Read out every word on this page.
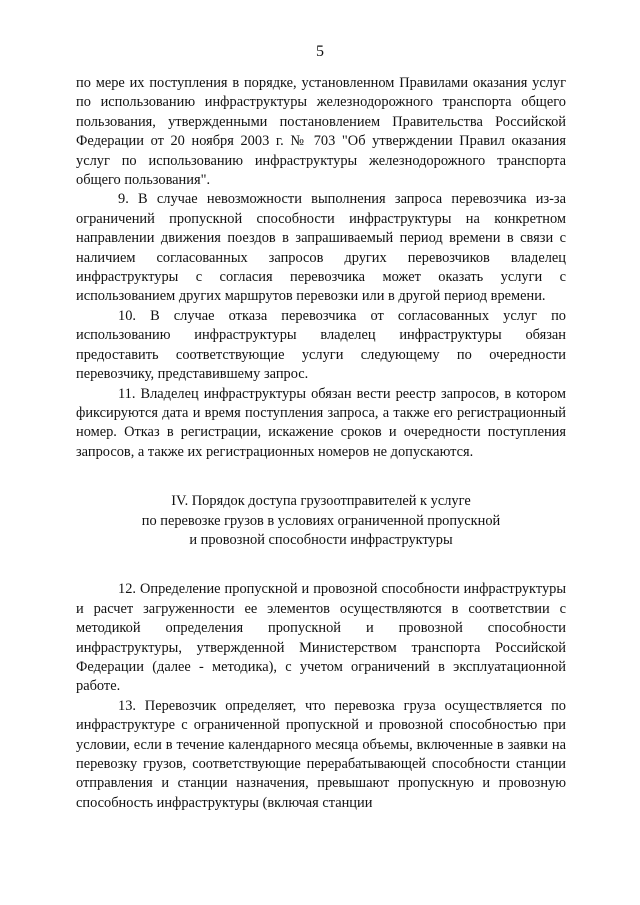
5

по мере их поступления в порядке, установленном Правилами оказания услуг по использованию инфраструктуры железнодорожного транспорта общего пользования, утвержденными постановлением Правительства Российской Федерации от 20 ноября 2003 г. № 703 "Об утверждении Правил оказания услуг по использованию инфраструктуры железнодорожного транспорта общего пользования".

9. В случае невозможности выполнения запроса перевозчика из-за ограничений пропускной способности инфраструктуры на конкретном направлении движения поездов в запрашиваемый период времени в связи с наличием согласованных запросов других перевозчиков владелец инфраструктуры с согласия перевозчика может оказать услуги с использованием других маршрутов перевозки или в другой период времени.

10. В случае отказа перевозчика от согласованных услуг по использованию инфраструктуры владелец инфраструктуры обязан предоставить соответствующие услуги следующему по очередности перевозчику, представившему запрос.

11. Владелец инфраструктуры обязан вести реестр запросов, в котором фиксируются дата и время поступления запроса, а также его регистрационный номер. Отказ в регистрации, искажение сроков и очередности поступления запросов, а также их регистрационных номеров не допускаются.

IV. Порядок доступа грузоотправителей к услуге
по перевозке грузов в условиях ограниченной пропускной
и провозной способности инфраструктуры

12. Определение пропускной и провозной способности инфраструктуры и расчет загруженности ее элементов осуществляются в соответствии с методикой определения пропускной и провозной способности инфраструктуры, утвержденной Министерством транспорта Российской Федерации (далее - методика), с учетом ограничений в эксплуатационной работе.

13. Перевозчик определяет, что перевозка груза осуществляется по инфраструктуре с ограниченной пропускной и провозной способностью при условии, если в течение календарного месяца объемы, включенные в заявки на перевозку грузов, соответствующие перерабатывающей способности станции отправления и станции назначения, превышают пропускную и провозную способность инфраструктуры (включая станции
